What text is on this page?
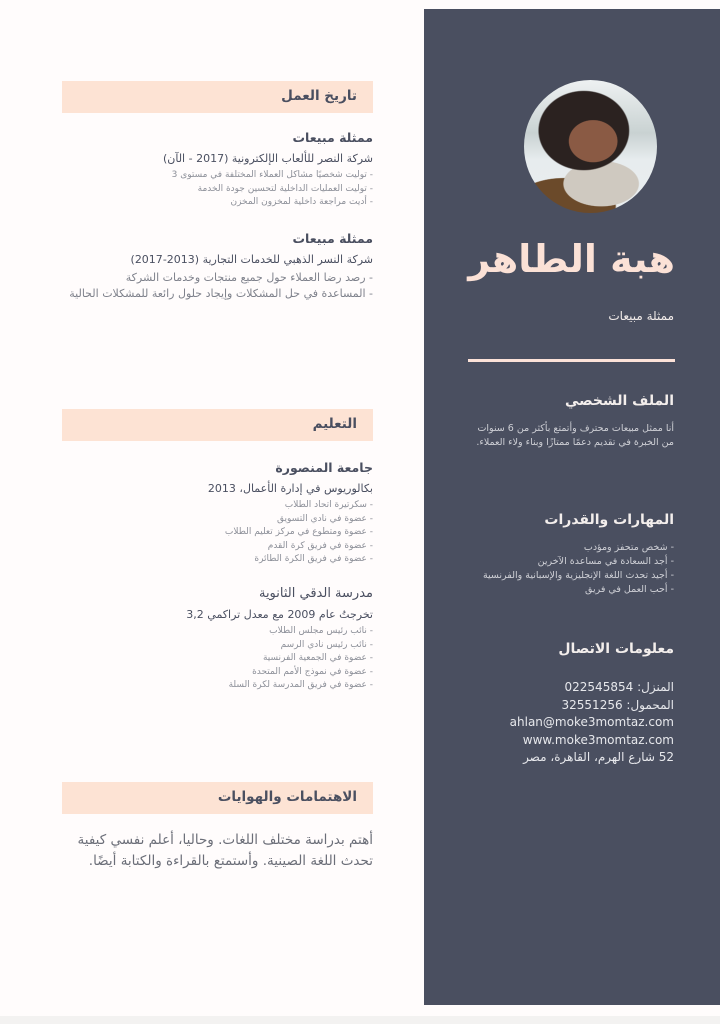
هبة الطاهر
ممثلة مبيعات
الملف الشخصي
أنا ممثل مبيعات محترف وأتمتع بأكثر من 6 سنوات من الخبرة في تقديم دعمًا ممتازًا وبناء ولاء العملاء.
المهارات والقدرات
- شخص متحفز ومؤدب
- أجد السعادة في مساعدة الآخرين
- أجيد تحدث اللغة الإنجليزية والإسبانية والفرنسية
- أحب العمل في فريق
معلومات الاتصال
المنزل: 022545854
المحمول: 32551256
ahlan@moke3momtaz.com
www.moke3momtaz.com
52 شارع الهرم، القاهرة، مصر
تاريخ العمل
ممثلة مبيعات
شركة النصر للألعاب الإلكترونية (2017 - الآن)
- توليت شخصيًا مشاكل العملاء المختلفة في مستوى 3
- توليت العمليات الداخلية لتحسين جودة الخدمة
- أديت مراجعة داخلية لمخزون المخزن
ممثلة مبيعات
شركة النسر الذهبي للخدمات التجارية (2013-2017)
- رصد رضا العملاء حول جميع منتجات وخدمات الشركة
- المساعدة في حل المشكلات وإيجاد حلول رائعة للمشكلات الحالية
التعليم
جامعة المنصورة
بكالوريوس في إدارة الأعمال، 2013
- سكرتيرة اتحاد الطلاب
- عضوة في نادي التسويق
- عضوة ومتطوع في مركز تعليم الطلاب
- عضوة في فريق كرة القدم
- عضوة في فريق الكرة الطائرة
مدرسة الدقي الثانوية
تخرجتُ عام 2009 مع معدل تراكمي 3,2
- نائب رئيس مجلس الطلاب
- نائب رئيس نادي الرسم
- عضوة في الجمعية الفرنسية
- عضوة في نموذج الأمم المتحدة
- عضوة في فريق المدرسة لكرة السلة
الاهتمامات والهوايات
أهتم بدراسة مختلف اللغات. وحاليا، أعلم نفسي كيفية تحدث اللغة الصينية. وأستمتع بالقراءة والكتابة أيضًا.
